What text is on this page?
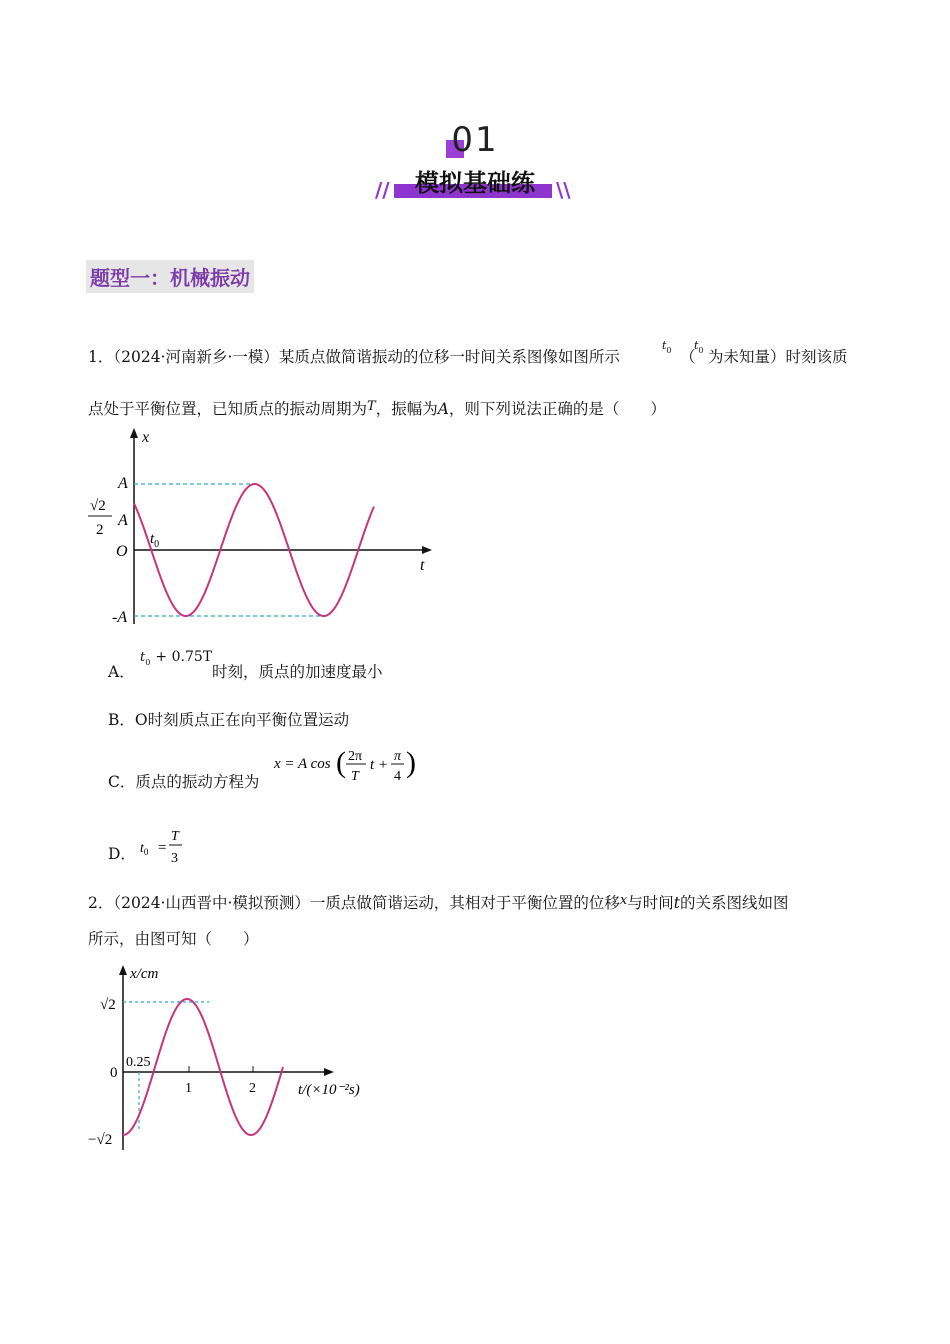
01
模拟基础练
//	\\
题型一：机械振动
1．（2024·河南新乡·一模）某质点做简谐振动的位移一时间关系图像如图所示
$t_0$ （
$t_0$ 为未知量）时刻该质
点处于平衡位置，已知质点的振动周期为$^T$，振幅为A，则下列说法正确的是（　　）
x
t
A
-A
O
√2
2
A
$t_0$
A．
$t_0 + 0.75T$
时刻，质点的加速度最小
B．O时刻质点正在向平衡位置运动
C．质点的振动方程为
x = A cos ( 2π
T
t +
π
4 )
D． $t_0$ =
T
3
2．（2024·山西晋中·模拟预测）一质点做简谐运动，其相对于平衡位置的位移$^x$与时间t的关系图线如图
所示，由图可知（　　）
x/cm
t/(×10⁻²s)
√2
−√2
0
0.25
1	2
